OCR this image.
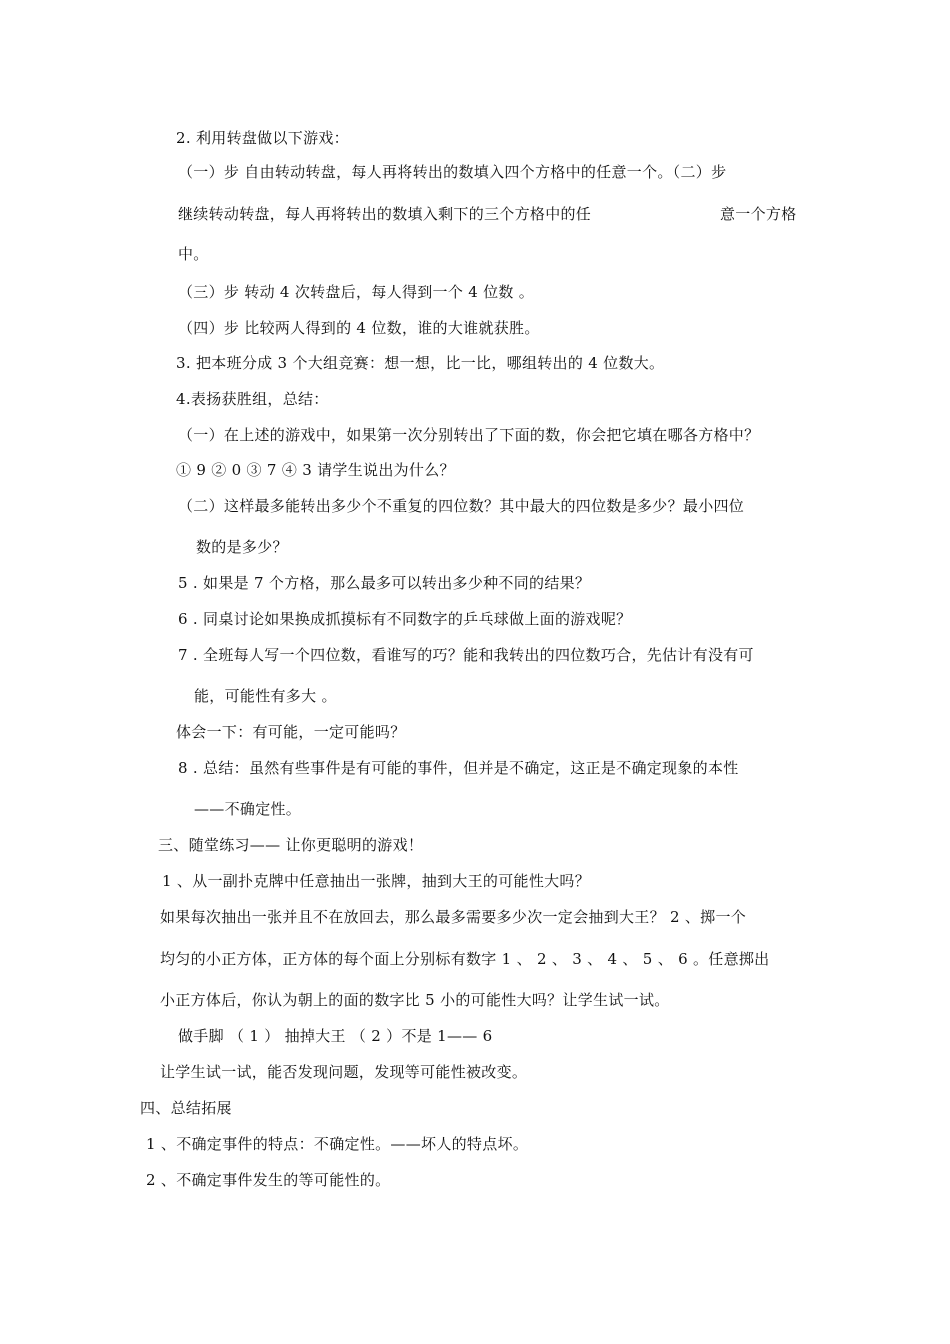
2. 利用转盘做以下游戏：
（一）步 自由转动转盘，每人再将转出的数填入四个方格中的任意一个。（二）步
继续转动转盘，每人再将转出的数填入剩下的三个方格中的任	意一个方格
中。
（三）步 转动 4 次转盘后，每人得到一个 4 位数 。
（四）步 比较两人得到的 4 位数，谁的大谁就获胜。
3. 把本班分成 3 个大组竞赛：想一想，比一比，哪组转出的 4 位数大。
4.表扬获胜组，总结：
（一）在上述的游戏中，如果第一次分别转出了下面的数，你会把它填在哪各方格中？
① 9 ② 0 ③ 7 ④ 3 请学生说出为什么？
（二）这样最多能转出多少个不重复的四位数？其中最大的四位数是多少？最小四位
数的是多少？
5 . 如果是 7 个方格，那么最多可以转出多少种不同的结果？
6 . 同桌讨论如果换成抓摸标有不同数字的乒乓球做上面的游戏呢？
7 . 全班每人写一个四位数，看谁写的巧？能和我转出的四位数巧合，先估计有没有可
能，可能性有多大 。
体会一下：有可能，一定可能吗？
8 . 总结：虽然有些事件是有可能的事件，但并是不确定，这正是不确定现象的本性
——不确定性。
三、随堂练习—— 让你更聪明的游戏！
1 、从一副扑克牌中任意抽出一张牌，抽到大王的可能性大吗？
如果每次抽出一张并且不在放回去，那么最多需要多少次一定会抽到大王？ 2 、掷一个
均匀的小正方体，正方体的每个面上分别标有数字 1 、 2 、 3 、 4 、 5 、 6 。任意掷出
小正方体后，你认为朝上的面的数字比 5 小的可能性大吗？让学生试一试。
做手脚 （ 1 ） 抽掉大王 （ 2 ）不是 1—— 6
让学生试一试，能否发现问题，发现等可能性被改变。
四、总结拓展
1 、不确定事件的特点：不确定性。——坏人的特点坏。
2 、不确定事件发生的等可能性的。
